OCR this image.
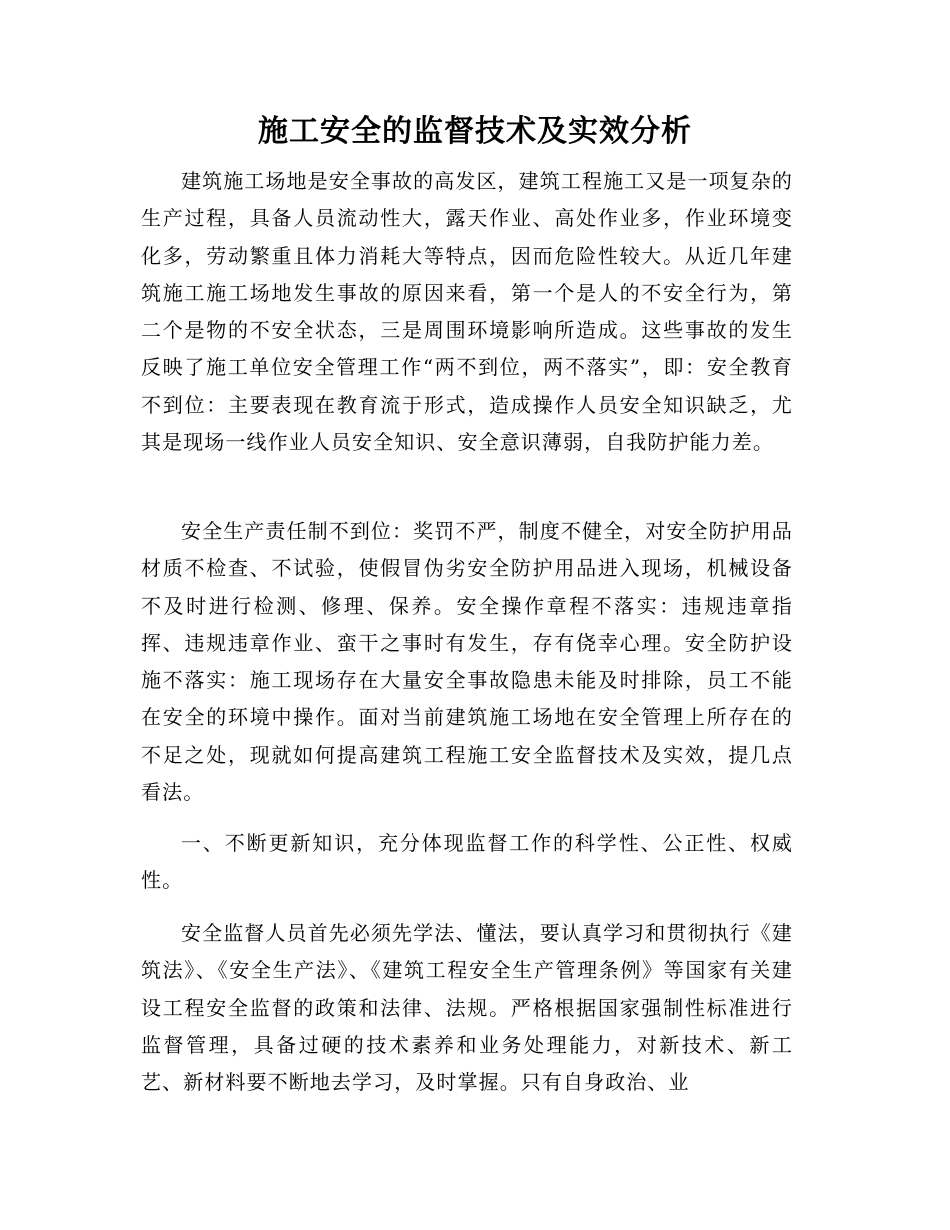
施工安全的监督技术及实效分析

建筑施工场地是安全事故的高发区，建筑工程施工又是一项复杂的生产过程，具备人员流动性大，露天作业、高处作业多，作业环境变化多，劳动繁重且体力消耗大等特点，因而危险性较大。从近几年建筑施工施工场地发生事故的原因来看，第一个是人的不安全行为，第二个是物的不安全状态，三是周围环境影响所造成。这些事故的发生反映了施工单位安全管理工作“两不到位，两不落实”，即：安全教育不到位：主要表现在教育流于形式，造成操作人员安全知识缺乏，尤其是现场一线作业人员安全知识、安全意识薄弱，自我防护能力差。

安全生产责任制不到位：奖罚不严，制度不健全，对安全防护用品材质不检查、不试验，使假冒伪劣安全防护用品进入现场，机械设备不及时进行检测、修理、保养。安全操作章程不落实：违规违章指挥、违规违章作业、蛮干之事时有发生，存有侥幸心理。安全防护设施不落实：施工现场存在大量安全事故隐患未能及时排除，员工不能在安全的环境中操作。面对当前建筑施工场地在安全管理上所存在的不足之处，现就如何提高建筑工程施工安全监督技术及实效，提几点看法。

一、不断更新知识，充分体现监督工作的科学性、公正性、权威性。

安全监督人员首先必须先学法、懂法，要认真学习和贯彻执行《建筑法》、《安全生产法》、《建筑工程安全生产管理条例》等国家有关建设工程安全监督的政策和法律、法规。严格根据国家强制性标准进行监督管理，具备过硬的技术素养和业务处理能力，对新技术、新工艺、新材料要不断地去学习，及时掌握。只有自身政治、业
